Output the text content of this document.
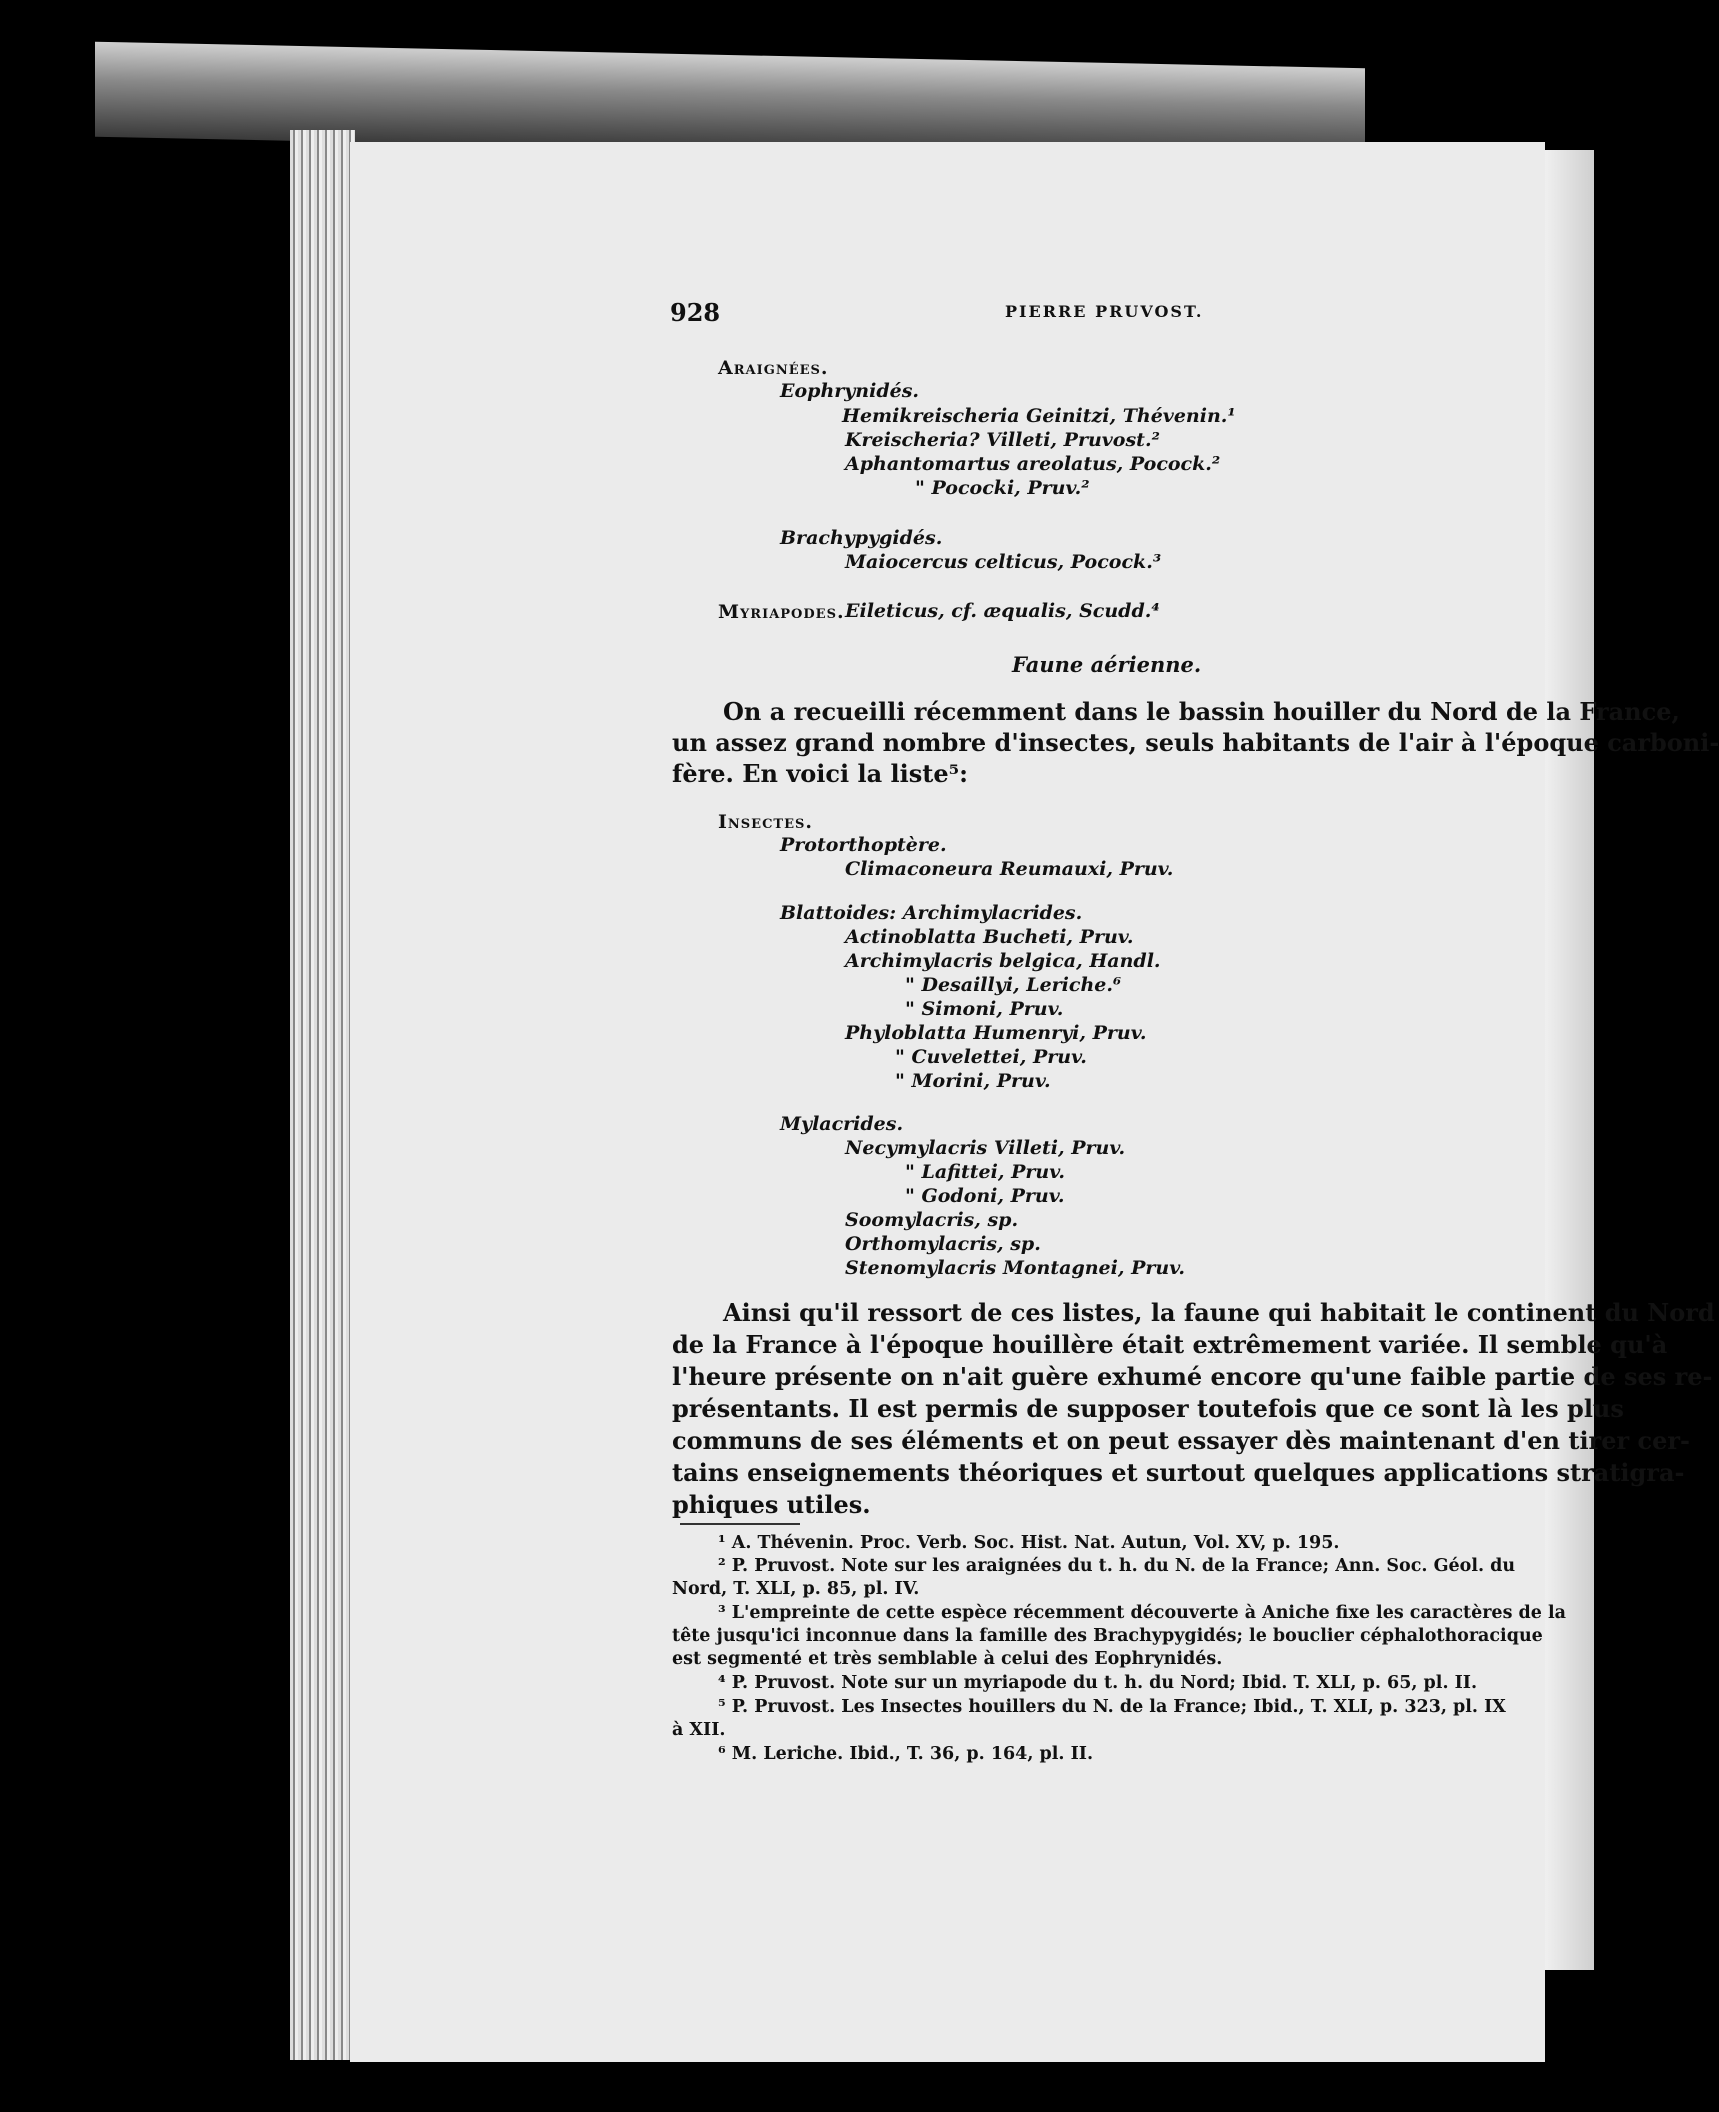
928	PIERRE PRUVOST.
Araignées.
Eophrynidés.
Hemikreischeria Geinitzi, Thévenin.¹
Kreischeria? Villeti, Pruvost.²
Aphantomartus areolatus, Pocock.²
" Pococki, Pruv.²
Brachypygidés.
Maiocercus celticus, Pocock.³
Myriapodes. Eileticus, cf. æqualis, Scudd.⁴
Faune aérienne.
On a recueilli récemment dans le bassin houiller du Nord de la France,
un assez grand nombre d'insectes, seuls habitants de l'air à l'époque carboni-
fère. En voici la liste⁵:
Insectes.
Protorthoptère.
Climaconeura Reumauxi, Pruv.
Blattoides: Archimylacrides.
Actinoblatta Bucheti, Pruv.
Archimylacris belgica, Handl.
" Desaillyi, Leriche.⁶
" Simoni, Pruv.
Phyloblatta Humenryi, Pruv.
" Cuvelettei, Pruv.
" Morini, Pruv.
Mylacrides.
Necymylacris Villeti, Pruv.
" Lafittei, Pruv.
" Godoni, Pruv.
Soomylacris, sp.
Orthomylacris, sp.
Stenomylacris Montagnei, Pruv.
Ainsi qu'il ressort de ces listes, la faune qui habitait le continent du Nord
de la France à l'époque houillère était extrêmement variée. Il semble qu'à
l'heure présente on n'ait guère exhumé encore qu'une faible partie de ses re-
présentants. Il est permis de supposer toutefois que ce sont là les plus
communs de ses éléments et on peut essayer dès maintenant d'en tirer cer-
tains enseignements théoriques et surtout quelques applications stratigra-
phiques utiles.
¹ A. Thévenin. Proc. Verb. Soc. Hist. Nat. Autun, Vol. XV, p. 195.
² P. Pruvost. Note sur les araignées du t. h. du N. de la France; Ann. Soc. Géol. du
Nord, T. XLI, p. 85, pl. IV.
³ L'empreinte de cette espèce récemment découverte à Aniche fixe les caractères de la
tête jusqu'ici inconnue dans la famille des Brachypygidés; le bouclier céphalothoracique
est segmenté et très semblable à celui des Eophrynidés.
⁴ P. Pruvost. Note sur un myriapode du t. h. du Nord; Ibid. T. XLI, p. 65, pl. II.
⁵ P. Pruvost. Les Insectes houillers du N. de la France; Ibid., T. XLI, p. 323, pl. IX
à XII.
⁶ M. Leriche. Ibid., T. 36, p. 164, pl. II.
